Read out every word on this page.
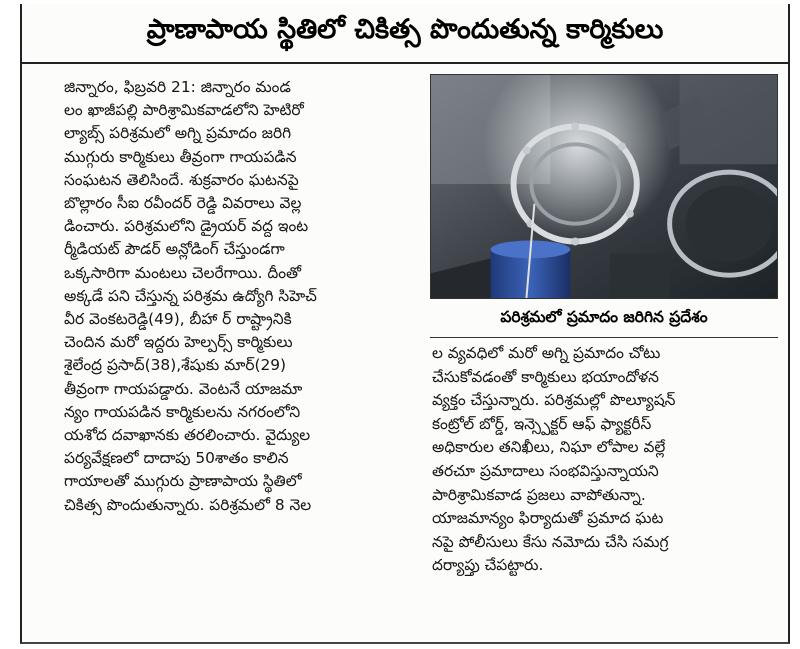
ప్రాణాపాయ స్థితిలో చికిత్స పొందుతున్న కార్మికులు

జిన్నారం, ఫిబ్రవరి 21: జిన్నారం మండ
లం ఖాజీపల్లి పారిశ్రామికవాడలోని హెటిరో
ల్యాబ్స్ పరిశ్రమలో అగ్ని ప్రమాదం జరిగి
ముగ్గురు కార్మికులు తీవ్రంగా గాయపడిన
సంఘటన తెలిసిందే. శుక్రవారం ఘటనపై
బొల్లారం సీఐ రవీందర్ రెడ్డి వివరాలు వెల్ల
డించారు. పరిశ్రమలోని డ్రైయర్ వద్ద ఇంట
ర్మీడియట్ పౌడర్ అన్లోడింగ్ చేస్తుండగా
ఒక్కసారిగా మంటలు చెలరేగాయి. దీంతో
అక్కడే పని చేస్తున్న పరిశ్రమ ఉద్యోగి సిహెచ్
వీర వెంకటరెడ్డి(49), బీహా ర్ రాష్ట్రానికి
చెందిన మరో ఇద్దరు హెల్పర్స్ కార్మికులు
శైలేంద్ర ప్రసాద్(38),శేషుకు మార్(29)
తీవ్రంగా గాయపడ్డారు. వెంటనే యాజమా
న్యం గాయపడిన కార్మికులను నగరంలోని
యశోద దవాఖానకు తరలించారు. వైద్యుల
పర్యవేక్షణలో దాదాపు 50శాతం కాలిన
గాయాలతో ముగ్గురు ప్రాణాపాయ స్థితిలో
చికిత్స పొందుతున్నారు. పరిశ్రమలో 8 నెల

పరిశ్రమలో ప్రమాదం జరిగిన ప్రదేశం

ల వ్యవధిలో మరో అగ్ని ప్రమాదం చోటు
చేసుకోవడంతో కార్మికులు భయాందోళన
వ్యక్తం చేస్తున్నారు. పరిశ్రమల్లో పొల్యూషన్
కంట్రోల్ బోర్డ్, ఇన్స్పెక్టర్ ఆఫ్ ఫ్యాక్టరీస్
అధికారుల తనిఖీలు, నిఘా లోపాల వల్లే
తరచూ ప్రమాదాలు సంభవిస్తున్నాయని
పారిశ్రామికవాడ ప్రజలు వాపోతున్నా.
యాజమాన్యం ఫిర్యాదుతో ప్రమాద ఘట
నపై పోలీసులు కేసు నమోదు చేసి సమగ్ర
దర్యాప్తు చేపట్టారు.
